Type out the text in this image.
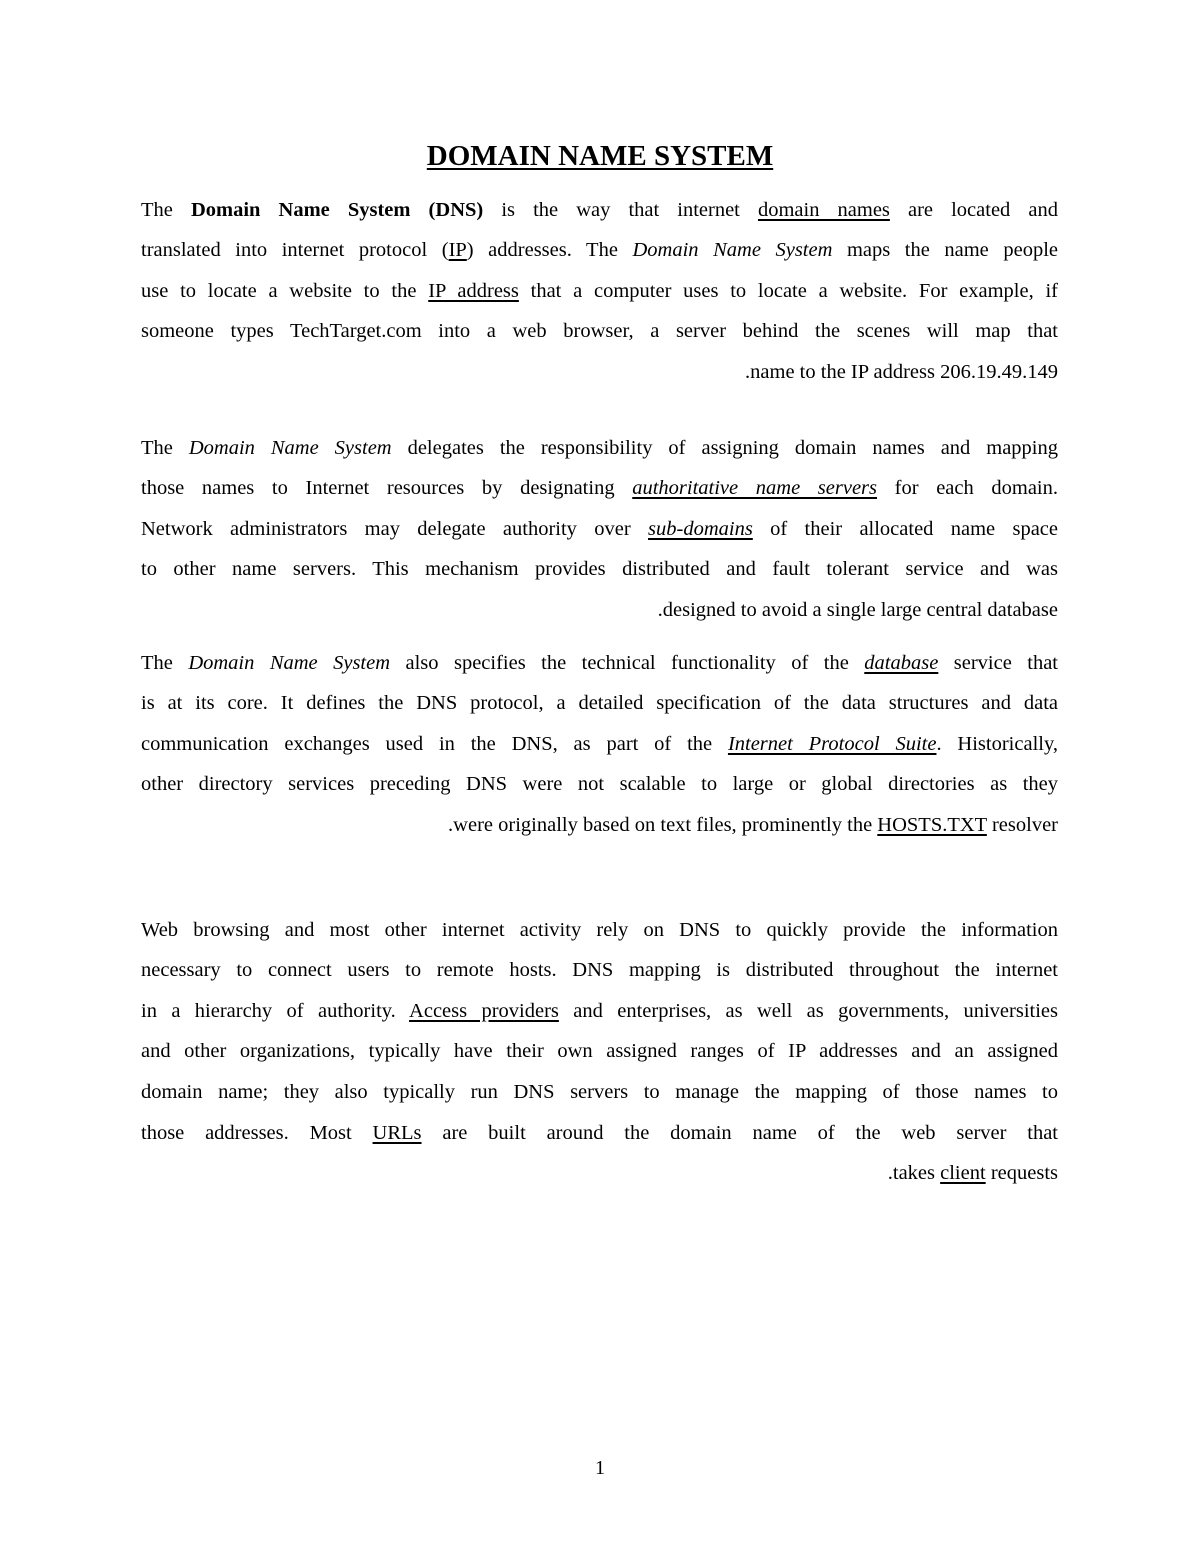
DOMAIN NAME SYSTEM
The Domain Name System (DNS) is the way that internet domain names are located and
translated into internet protocol (IP) addresses. The Domain Name System maps the name people
use to locate a website to the IP address that a computer uses to locate a website. For example, if
someone types TechTarget.com into a web browser, a server behind the scenes will map that
.name to the IP address 206.19.49.149
The Domain Name System delegates the responsibility of assigning domain names and mapping
those names to Internet resources by designating authoritative name servers for each domain.
Network administrators may delegate authority over sub-domains of their allocated name space
to other name servers. This mechanism provides distributed and fault tolerant service and was
.designed to avoid a single large central database
The Domain Name System also specifies the technical functionality of the database service that
is at its core. It defines the DNS protocol, a detailed specification of the data structures and data
communication exchanges used in the DNS, as part of the Internet Protocol Suite. Historically,
other directory services preceding DNS were not scalable to large or global directories as they
.were originally based on text files, prominently the HOSTS.TXT resolver
Web browsing and most other internet activity rely on DNS to quickly provide the information
necessary to connect users to remote hosts. DNS mapping is distributed throughout the internet
in a hierarchy of authority. Access providers and enterprises, as well as governments, universities
and other organizations, typically have their own assigned ranges of IP addresses and an assigned
domain name; they also typically run DNS servers to manage the mapping of those names to
those addresses. Most URLs are built around the domain name of the web server that
.takes client requests
1
